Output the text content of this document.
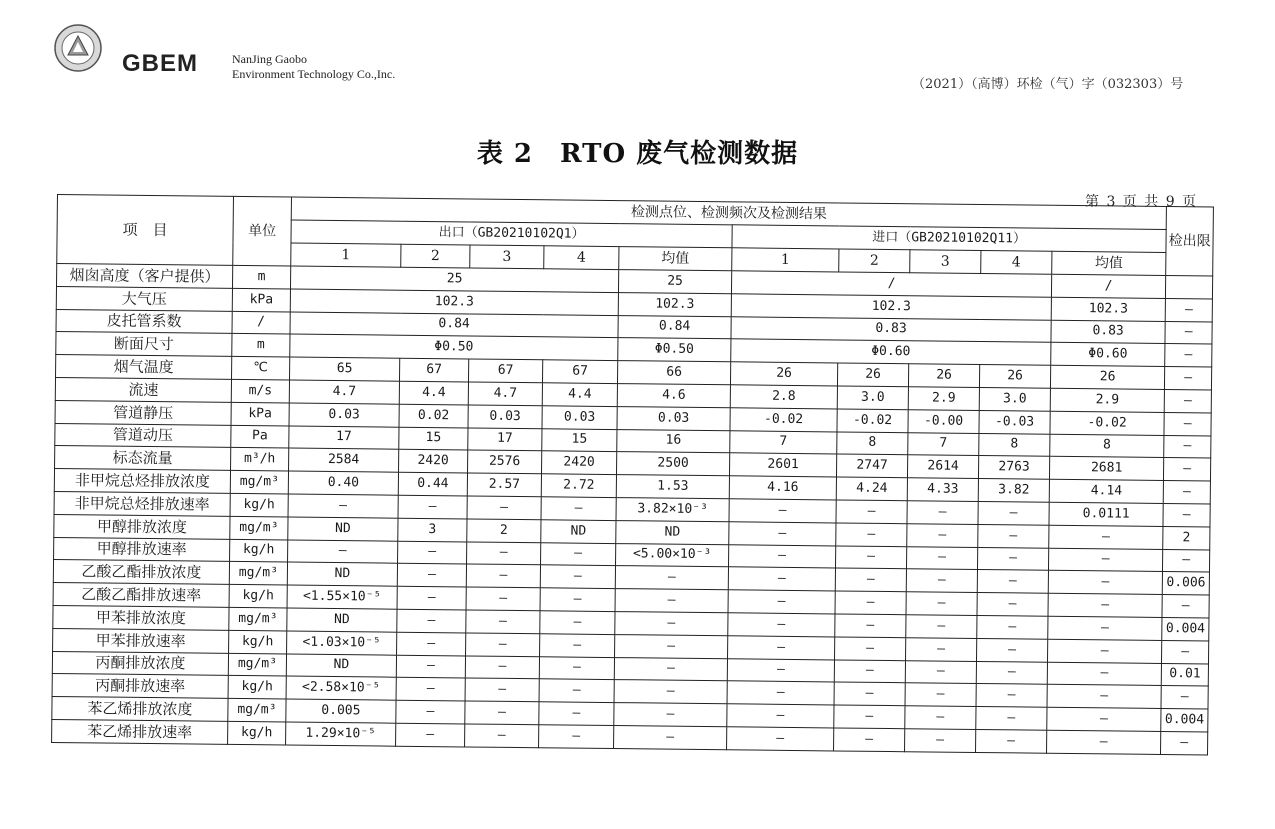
GBEM	NanJing Gaobo
Environment Technology Co.,Inc.
（2021）（高博）环检（气）字（032303）号
表 2　RTO 废气检测数据
第 3 页 共 9 页
项　目	单位	检测点位、检测频次及检测结果										检出限
		出口（GB20210102Q1）					进口（GB20210102Q11）					
		1	2	3	4	均值	1	2	3	4	均值	
烟囱高度（客户提供）	m	25				25	/				/	
大气压	kPa	102.3				102.3	102.3				102.3	—
皮托管系数	/	0.84				0.84	0.83				0.83	—
断面尺寸	m	Φ0.50				Φ0.50	Φ0.60				Φ0.60	—
烟气温度	℃	65	67	67	67	66	26	26	26	26	26	—
流速	m/s	4.7	4.4	4.7	4.4	4.6	2.8	3.0	2.9	3.0	2.9	—
管道静压	kPa	0.03	0.02	0.03	0.03	0.03	-0.02	-0.02	-0.00	-0.03	-0.02	—
管道动压	Pa	17	15	17	15	16	7	8	7	8	8	—
标态流量	m³/h	2584	2420	2576	2420	2500	2601	2747	2614	2763	2681	—
非甲烷总烃排放浓度	mg/m³	0.40	0.44	2.57	2.72	1.53	4.16	4.24	4.33	3.82	4.14	—
非甲烷总烃排放速率	kg/h	—	—	—	—	3.82×10⁻³	—	—	—	—	0.0111	—
甲醇排放浓度	mg/m³	ND	3	2	ND	ND	—	—	—	—	—	2
甲醇排放速率	kg/h	—	—	—	—	<5.00×10⁻³	—	—	—	—	—	—
乙酸乙酯排放浓度	mg/m³	ND	—	—	—	—	—	—	—	—	—	0.006
乙酸乙酯排放速率	kg/h	<1.55×10⁻⁵	—	—	—	—	—	—	—	—	—	—
甲苯排放浓度	mg/m³	ND	—	—	—	—	—	—	—	—	—	0.004
甲苯排放速率	kg/h	<1.03×10⁻⁵	—	—	—	—	—	—	—	—	—	—
丙酮排放浓度	mg/m³	ND	—	—	—	—	—	—	—	—	—	0.01
丙酮排放速率	kg/h	<2.58×10⁻⁵	—	—	—	—	—	—	—	—	—	—
苯乙烯排放浓度	mg/m³	0.005	—	—	—	—	—	—	—	—	—	0.004
苯乙烯排放速率	kg/h	1.29×10⁻⁵	—	—	—	—	—	—	—	—	—	—
